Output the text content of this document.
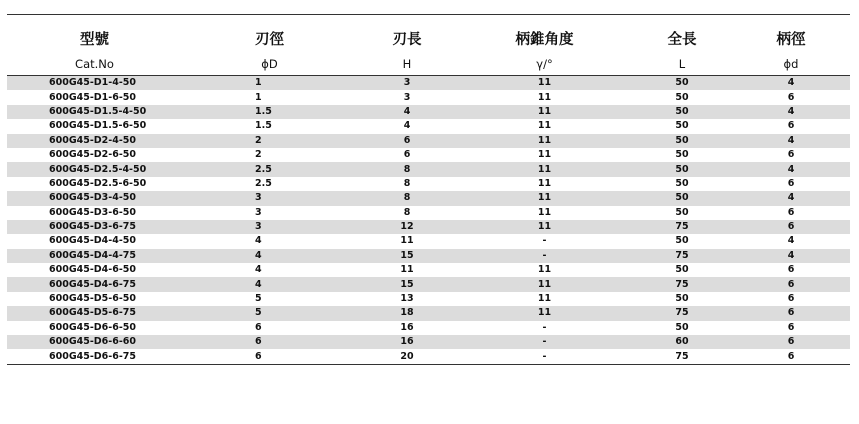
型號	刃徑	刃長	柄錐角度	全長	柄徑
Cat.No	ϕD	H	γ/°	L	ϕd
600G45-D1-4-50	1	3	11	50	4
600G45-D1-6-50	1	3	11	50	6
600G45-D1.5-4-50	1.5	4	11	50	4
600G45-D1.5-6-50	1.5	4	11	50	6
600G45-D2-4-50	2	6	11	50	4
600G45-D2-6-50	2	6	11	50	6
600G45-D2.5-4-50	2.5	8	11	50	4
600G45-D2.5-6-50	2.5	8	11	50	6
600G45-D3-4-50	3	8	11	50	4
600G45-D3-6-50	3	8	11	50	6
600G45-D3-6-75	3	12	11	75	6
600G45-D4-4-50	4	11	-	50	4
600G45-D4-4-75	4	15	-	75	4
600G45-D4-6-50	4	11	11	50	6
600G45-D4-6-75	4	15	11	75	6
600G45-D5-6-50	5	13	11	50	6
600G45-D5-6-75	5	18	11	75	6
600G45-D6-6-50	6	16	-	50	6
600G45-D6-6-60	6	16	-	60	6
600G45-D6-6-75	6	20	-	75	6
